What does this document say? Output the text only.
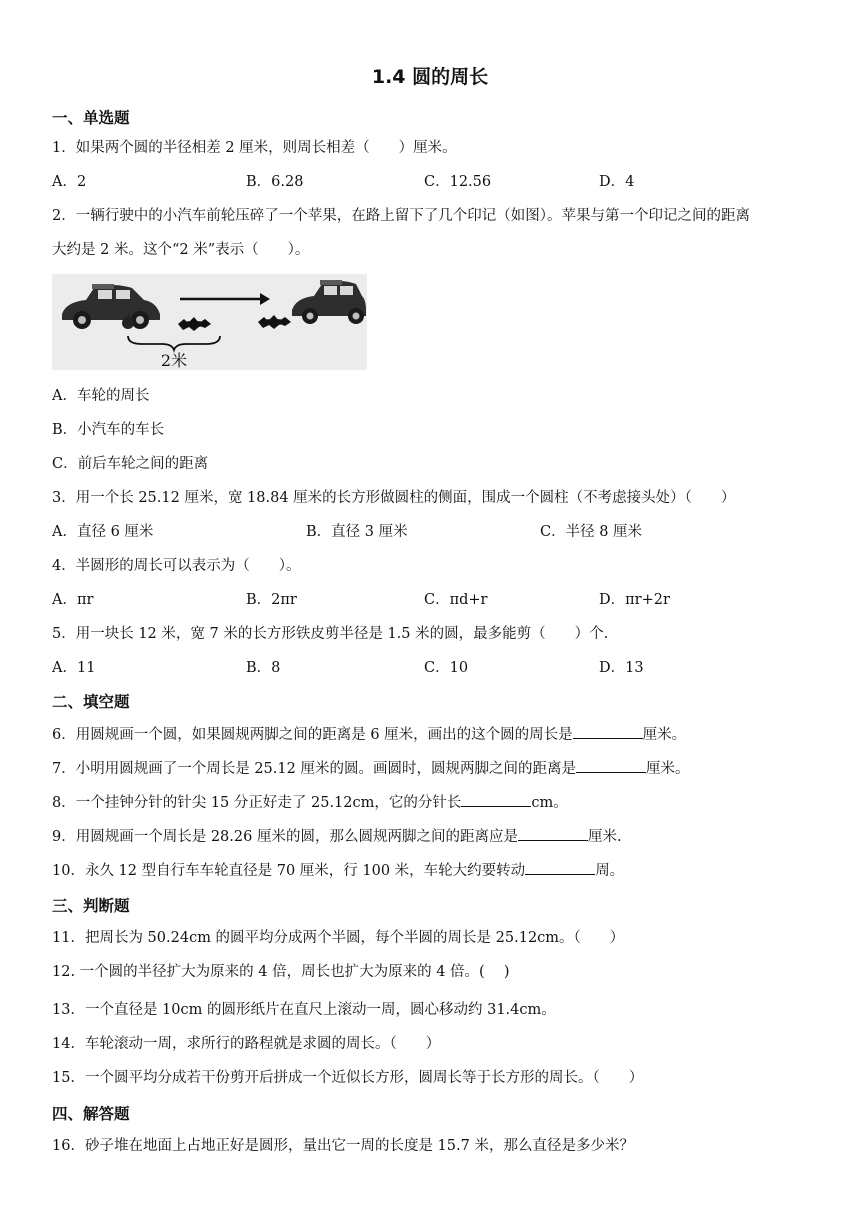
1.4 圆的周长
一、单选题
1．如果两个圆的半径相差 2 厘米，则周长相差（　　）厘米。
A．2	B．6.28	C．12.56	D．4
2．一辆行驶中的小汽车前轮压碎了一个苹果，在路上留下了几个印记（如图）。苹果与第一个印记之间的距离
大约是 2 米。这个“2 米”表示（　　）。
2米
A．车轮的周长
B．小汽车的车长
C．前后车轮之间的距离
3．用一个长 25.12 厘米，宽 18.84 厘米的长方形做圆柱的侧面，围成一个圆柱（不考虑接头处）（　　）
A．直径 6 厘米	B．直径 3 厘米	C．半径 8 厘米
4．半圆形的周长可以表示为（　　）。
A．πr	B．2πr	C．πd+r	D．πr+2r
5．用一块长 12 米，宽 7 米的长方形铁皮剪半径是 1.5 米的圆，最多能剪（　　）个.
A．11	B．8	C．10	D．13
二、填空题
6．用圆规画一个圆，如果圆规两脚之间的距离是 6 厘米，画出的这个圆的周长是	厘米。
7．小明用圆规画了一个周长是 25.12 厘米的圆。画圆时，圆规两脚之间的距离是	厘米。
8．一个挂钟分针的针尖 15 分正好走了 25.12cm，它的分针长	cm。
9．用圆规画一个周长是 28.26 厘米的圆，那么圆规两脚之间的距离应是	厘米.
10．永久 12 型自行车车轮直径是 70 厘米，行 100 米，车轮大约要转动	周。
三、判断题
11．把周长为 50.24cm 的圆平均分成两个半圆，每个半圆的周长是 25.12cm。（　　）
12. 一个圆的半径扩大为原来的 4 倍，周长也扩大为原来的 4 倍。(　 )
13．一个直径是 10cm 的圆形纸片在直尺上滚动一周，圆心移动约 31.4cm。
14．车轮滚动一周，求所行的路程就是求圆的周长。（　　）
15．一个圆平均分成若干份剪开后拼成一个近似长方形，圆周长等于长方形的周长。（　　）
四、解答题
16．砂子堆在地面上占地正好是圆形，量出它一周的长度是 15.7 米，那么直径是多少米？
